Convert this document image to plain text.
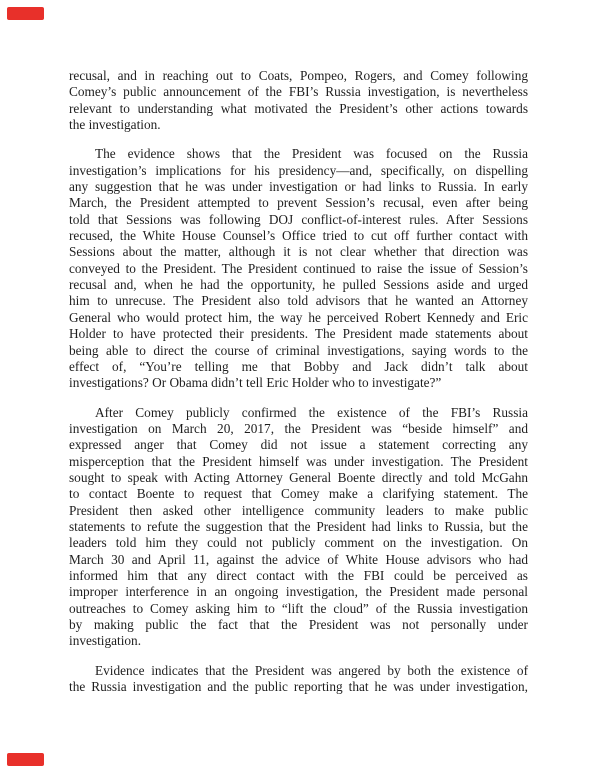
recusal, and in reaching out to Coats, Pompeo, Rogers, and Comey following
Comey’s public announcement of the FBI’s Russia investigation, is nevertheless
relevant to understanding what motivated the President’s other actions towards
the investigation.
The evidence shows that the President was focused on the Russia
investigation’s implications for his presidency—and, specifically, on dispelling
any suggestion that he was under investigation or had links to Russia. In early
March, the President attempted to prevent Session’s recusal, even after being
told that Sessions was following DOJ conflict-of-interest rules. After Sessions
recused, the White House Counsel’s Office tried to cut off further contact with
Sessions about the matter, although it is not clear whether that direction was
conveyed to the President. The President continued to raise the issue of Session’s
recusal and, when he had the opportunity, he pulled Sessions aside and urged
him to unrecuse. The President also told advisors that he wanted an Attorney
General who would protect him, the way he perceived Robert Kennedy and Eric
Holder to have protected their presidents. The President made statements about
being able to direct the course of criminal investigations, saying words to the
effect of, “You’re telling me that Bobby and Jack didn’t talk about
investigations? Or Obama didn’t tell Eric Holder who to investigate?”
After Comey publicly confirmed the existence of the FBI’s Russia
investigation on March 20, 2017, the President was “beside himself” and
expressed anger that Comey did not issue a statement correcting any
misperception that the President himself was under investigation. The President
sought to speak with Acting Attorney General Boente directly and told McGahn
to contact Boente to request that Comey make a clarifying statement. The
President then asked other intelligence community leaders to make public
statements to refute the suggestion that the President had links to Russia, but the
leaders told him they could not publicly comment on the investigation. On
March 30 and April 11, against the advice of White House advisors who had
informed him that any direct contact with the FBI could be perceived as
improper interference in an ongoing investigation, the President made personal
outreaches to Comey asking him to “lift the cloud” of the Russia investigation
by making public the fact that the President was not personally under
investigation.
Evidence indicates that the President was angered by both the existence of
the Russia investigation and the public reporting that he was under investigation,
